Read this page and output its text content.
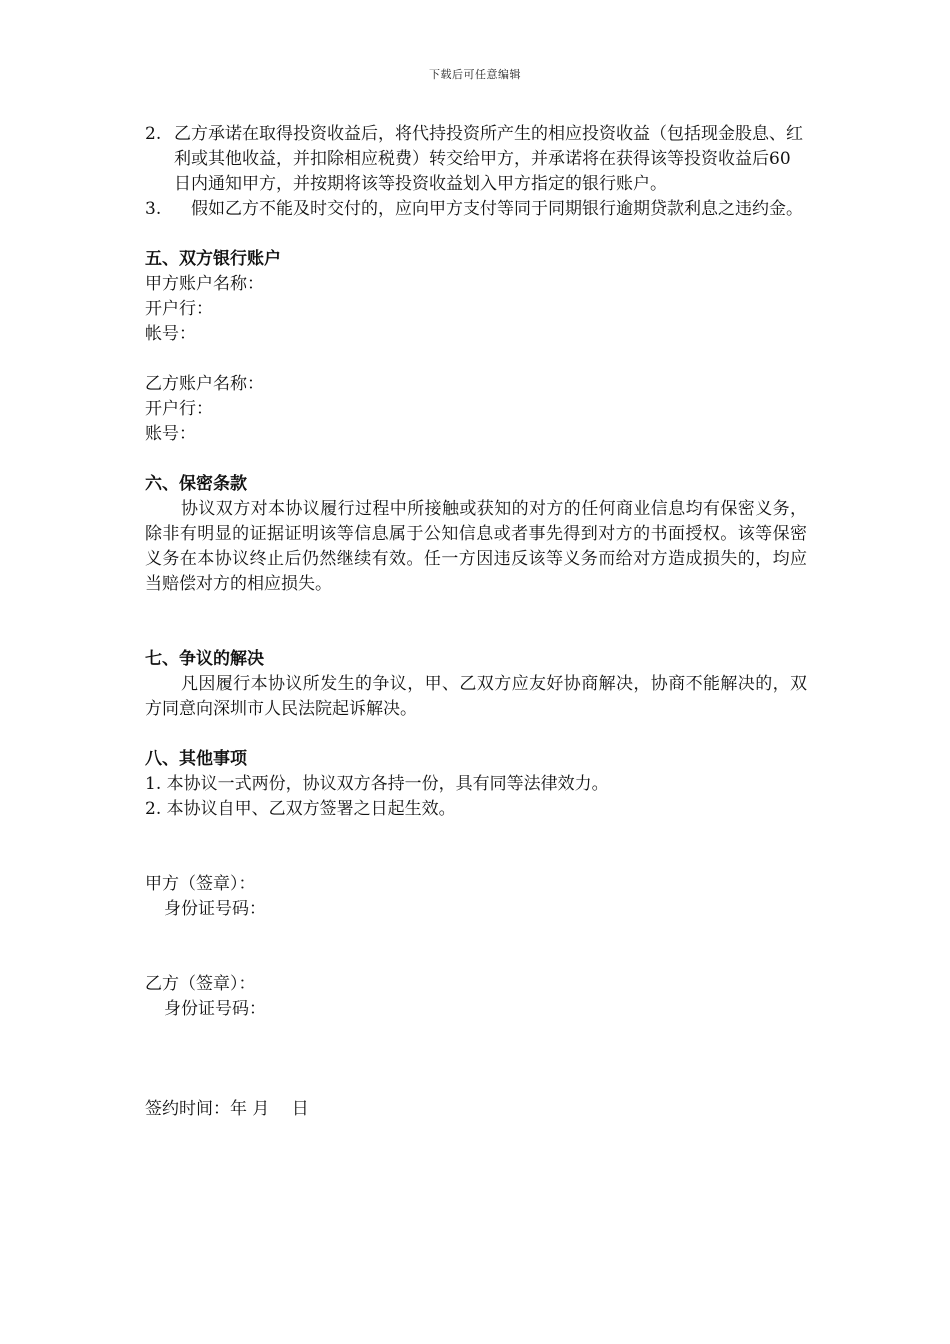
下载后可任意编辑
2. 乙方承诺在取得投资收益后，将代持投资所产生的相应投资收益（包括现金股息、红利或其他收益，并扣除相应税费）转交给甲方，并承诺将在获得该等投资收益后60日内通知甲方，并按期将该等投资收益划入甲方指定的银行账户。
3. 　假如乙方不能及时交付的，应向甲方支付等同于同期银行逾期贷款利息之违约金。
五、双方银行账户
甲方账户名称：
开户行：
帐号：
乙方账户名称：
开户行：
账号：
六、保密条款
协议双方对本协议履行过程中所接触或获知的对方的任何商业信息均有保密义务，除非有明显的证据证明该等信息属于公知信息或者事先得到对方的书面授权。该等保密义务在本协议终止后仍然继续有效。任一方因违反该等义务而给对方造成损失的，均应当赔偿对方的相应损失。
七、争议的解决
凡因履行本协议所发生的争议，甲、乙双方应友好协商解决，协商不能解决的，双方同意向深圳市人民法院起诉解决。
八、其他事项
1. 本协议一式两份，协议双方各持一份，具有同等法律效力。
2. 本协议自甲、乙双方签署之日起生效。
甲方（签章）：
身份证号码：
乙方（签章）：
身份证号码：
签约时间：年 月　 日
